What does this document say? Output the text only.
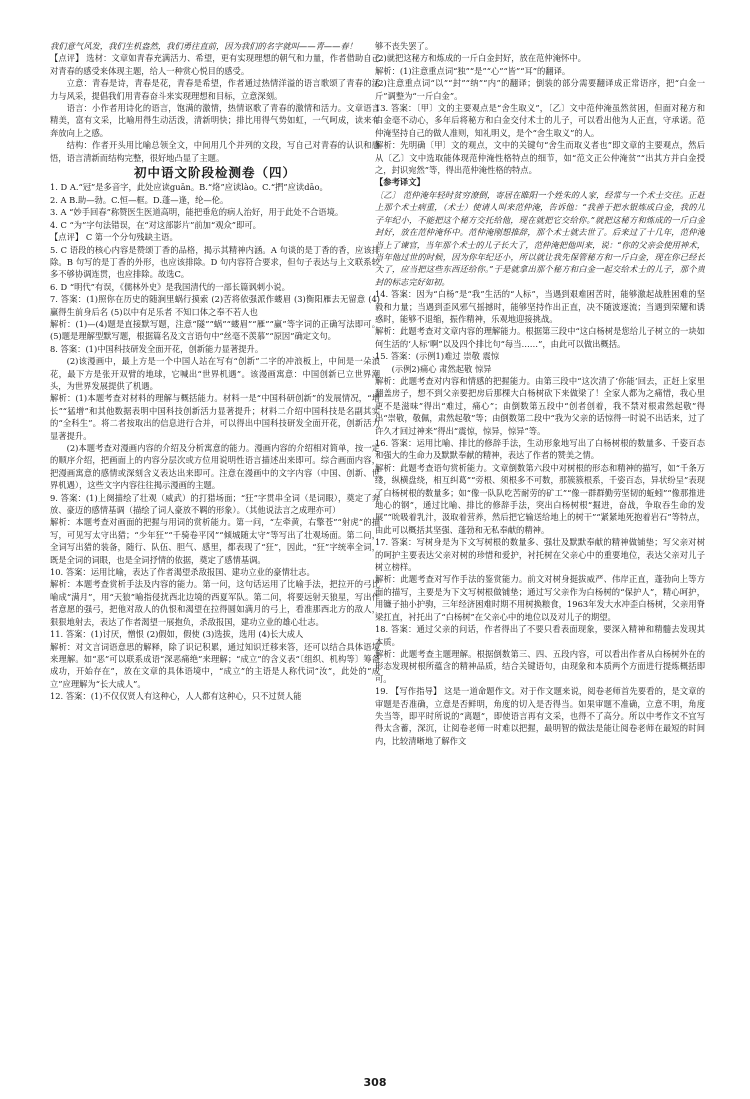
我们意气风发，我们生机盎然，我们勇往直前，因为我们的名字就叫——青——春！

【点评】 选材：文章如青春充满活力、希望，更有实现理想的朝气和力量，作者借助自己对青春的感受来体现主题，给人一种赏心悦目的感受。

立意：青春是诗，青春是花，青春是希望，作者通过热情洋溢的语言歌颂了青春的活力与风采，提倡我们用青春奋斗来实现理想和目标，立意深刻。

语言：小作者用诗化的语言，饱满的激情，热情讴歌了青春的激情和活力。文章语言精美，富有文采，比喻用得生动活泼，清新明快；排比用得气势如虹，一气呵成，读来有奔放向上之感。

结构：作者开头用比喻总领全文，中间用几个并列的文段，写自己对青春的认识和感悟，语言清新而结构完整，很好地凸显了主题。

初中语文阶段检测卷（四）

1. D A.“冠”是多音字，此处应读guān。B.“烙”应读lào。C.“捫”应读dāo。

2. A B.助—勃。C.恒—框。D.蓬—逢，纶—伦。

3. A “妙手回春”称赞医生医道高明，能把垂危的病人治好，用于此处不合语境。

4. C “为”字句法错误，在“对这部影片”前加“观众”即可。

【点评】 C 第一个分句残缺主语。

5. C 语段的核心内容是赞颂丁香的品格，揭示其精神内涵。A 句谈的是丁香的香，应该排除。B 句写的是丁香的外形，也应该排除。D 句内容符合要求，但句子表达与上文联系较多不够协调连贯，也应排除。故选C。

6. D “明代”有误，《儒林外史》是我国清代的一部长篇讽刺小说。

7. 答案：(1)照你在历史的随涧里蜗行摸索 (2)苦将依强派作蝼眉 (3)衡阳雁去无留意 (4)赢得生前身后名 (5)以中有足乐者 不知口体之奉不若人也

解析：(1)—(4)题是直接默写题，注意“隧”“蜗”“蝼眉”“雁”“赢”等字词的正确写法即可。(5)题是理解型默写题，根据篇名及文言语句中“丝毫不羡慕”“原因”确定文句。

8. 答案：(1)中国科技研发全面开花，创新能力显著提升。

(2)该漫画中，最上方是一个中国人站在写有“创新”二字的冲浪板上，中间是一朵浪花，最下方是张开双臂的地球，它喊出“世界机遇”。该漫画寓意：中国创新已立世界潮头，为世界发展提供了机遇。

解析：(1)本题考查对材料的理解与概括能力。材料一是“中国科研创新”的发展情况，“增长”“猛增”和其他数据表明中国科技创新活力显著提升；材料二介绍中国科技是名副其实的“全科生”。将二者按取出的信息进行合并，可以得出中国科技研发全面开花，创新活力显著提升。

(2)本题考查对漫画内容的介绍及分析寓意的能力。漫画内容的介绍相对简单，按一定的顺序介绍，把画面上的内容分层次或方位用说明性语言描述出来即可。综合画面内容，把漫画寓意的感情或深刻含义表达出来即可。注意在漫画中的文字内容（中国、创新、世界机遇），这些文字内容往往揭示漫画的主题。

9. 答案：(1)上阕描绘了壮观（威武）的打猎场面；“狂”字贯串全词（是词眼），奠定了奔放、豪迈的感情基调（描绘了词人豪放不羁的形象）。（其他说法言之成理亦可）

解析：本题考查对画面的把握与用词的赏析能力。第一问，“左牵黄，右擎苍”“射虎”的描写，可见写太守出猎；“少年狂”“千骑卷平冈”“倾城随太守”等写出了壮观场面。第二问，全词写出猎的装备，随行、队伍、胆气、感里，都表现了“狂”，因此，“狂”字统率全词，既是全词的词眼，也是全词抒情的依据，奠定了感情基调。

10. 答案：运用比喻，表达了作者渴望杀敌报国、建功立业的豪情壮志。

解析：本题考查赏析手法及内容的能力。第一问，这句话运用了比喻手法，把拉开的弓比喻成“满月”，用“天狼”喻指侵扰西北边境的西夏军队。第二问，将要远射天狼星，写出作者意愿的强弓，把他对敌人的仇恨和渴望在拉得圆如满月的弓上，看准那西北方的敌人，狠狠地射去，表达了作者渴望一展抱负，杀敌报国，建功立业的雄心壮志。

11. 答案：(1)讨厌，憎恨 (2)假如，假使 (3)选拔，选用 (4)长大成人

解析：对文言词语意思的解释，除了识记积累，通过知识迁移来答，还可以结合具体语境来理解。如“恶”可以联系成语“深恶痛绝”来理解；“成立”的含义表“〔组织、机构等〕筹备成功，开始存在”，放在文章的具体语境中，“成立”的主语是人称代词“汝”，此处的“成立”应理解为“长大成人”。

12. 答案：(1)不仅仅贤人有这种心，人人都有这种心，只不过贤人能

够不丧失罢了。

(2)就把这秘方和炼成的一斤白金封好，放在范仲淹怀中。

解析：(1)注意重点词“独”“是”“心”“皆”“耳”的翻译。

(2)注意重点词“以”“封”“纳”“内”的翻译；倒装的部分需要翻译成正常语序，把“白金一斤”调整为“一斤白金”。

13. 答案：〔甲〕文的主要观点是“舍生取义”，〔乙〕文中范仲淹虽然贫困，但面对秘方和白金毫不动心，多年后将秘方和白金交付术士的儿子，可以看出他为人正直，守承诺。范仲淹坚持自己的做人准则，知礼明义，是个“舍生取义”的人。

解析：先明确〔甲〕文的观点，文中的关键句“舍生而取义者也”即文章的主要观点，然后从〔乙〕文中选取能体现范仲淹性格特点的细节，如“范文正公仲淹贫”“出其方并白金授之，封识宛然”等，得出范仲淹性格的特点。

【参考译文】

〔乙〕 范仲淹年轻时贫穷潦倒，寄居在睢阳一个姓朱的人家，经常与一个术士交往。正赶上那个术士病重，（术士）使请人叫来范仲淹，告诉他：“我善于把水银炼成白金，我的儿子年纪小，不能把这个秘方交托给他，现在就把它交给你。”就把这秘方和炼成的一斤白金封好，放在范仲淹怀中。范仲淹刚想推辞，那个术士就去世了。后来过了十几年，范仲淹当上了谏官，当年那个术士的儿子长大了，范仲淹把他叫来，说：“你的父亲会使用神术，当年他过世的时候，因为你年纪还小，所以就让我先保管秘方和一斤白金，现在你已经长大了，应当把这些东西还给你。”于是就拿出那个秘方和白金一起交给术士的儿子，那个贵封的标志完好如初。

14. 答案：因为“白杨”是“我”生活的“人标”，当遇到艰难困苦时，能够激起战胜困难的坚毅和力量；当遇到歪风邪气摇撼时，能够坚持作出正直，决不随波逐流；当遇到荣耀和诱惑时，能够不退缩，振作精神，乐观地迎接挑战。

解析：此题考查对文章内容的理解能力。根据第三段中“这白杨树是您给儿子树立的一块如何生活的‘人标’啊”以及四个排比句“每当……”，由此可以做出概括。

15. 答案：(示例1)难过 崇敬 震惊

(示例2)痛心 肃然起敬 惊异

解析：此题考查对内容和情感的把握能力。由第三段中“这次清了‘你能’回去，正赶上家里翻盖房子，想不到父亲要把房后那棵大白杨树砍下来做梁了！全家人都为之痛惜，我心里更不是滋味”得出“难过，痛心”；由倒数第五段中“创者创着，我不禁对根肃然起敬”得出“崇敬，敬佩，肃然起敬”等；由倒数第二段中“我为父亲的话惊得一时说不出话来，过了许久才回过神来”得出“震惊，惊异，惊异”等。

16. 答案：运用比喻、排比的修辞手法，生动形象地写出了白杨树根的数量多、千姿百态和强大的生命力及默默奉献的精神，表达了作者的赞美之情。

解析：此题考查语句赏析能力。文章倒数第六段中对树根的形态和精神的描写，如“千条万缕，纵横盘绕，相互纠葛”“旁根、须根多不可数，那簇簇根系，千姿百态，异状纷呈”表现了白杨树根的数量多；如“像一队队吃苦耐劳的矿工”“像一群群勤劳坚韧的蚯蚓”“像那推进地心的钢”，通过比喻、排比的修辞手法，突出白杨树根“掘进，奋战，争取吞生命的发展”“吮吸着乳汁，汲取着营养，然后把它输送给地上的树干”“紧紧地死抱着岩石”等特点，由此可以概括其坚强、蓬勃和无私奉献的精神。

17. 答案：写树身是为下文写树根的数量多、强壮及默默奉献的精神做铺垫；写父亲对树的呵护主要表达父亲对树的珍惜和爱护，衬托树在父亲心中的重要地位，表达父亲对儿子树立榜样。

解析：此题考查对写作手法的鉴赏能力。前文对树身挺拔威严、伟岸正直，蓬勃向上等方面的描写，主要是为下文写树根做铺垫；通过写父亲作为白杨树的“保护人”，精心呵护，用镰子抽小护驹，三年经济困难时期不用树换粮食，1963年发大水冲歪白杨树，父亲用脊梁扛直，衬托出了“白杨树”在父亲心中的地位以及对儿子的期望。

18. 答案：通过父亲的问话，作者得出了不要只看表面现象，要深入精神和精髓去发现其本质。

解析：此题考查主题理解。根据倒数第三、四、五段内容，可以看出作者从白杨树外在的形态发现树根所蕴含的精神品质，结合关键语句，由现象和本质两个方面进行提炼概括即可。

19. 【写作指导】 这是一道命题作文。对于作文题来说，阅卷老师首先要看的，是文章的审题是否准确，立意是否鲜明，角度的切入是否得当。如果审题不准确，立意不明，角度失当等，即平时所说的“离题”，即使语言再有文采，也得不了高分。所以中考作文不宜写得太含蓄，深沉，让阅卷老师一时难以把握，最明智的做法是能让阅卷老师在最短的时间内，比较清晰地了解作文

308
